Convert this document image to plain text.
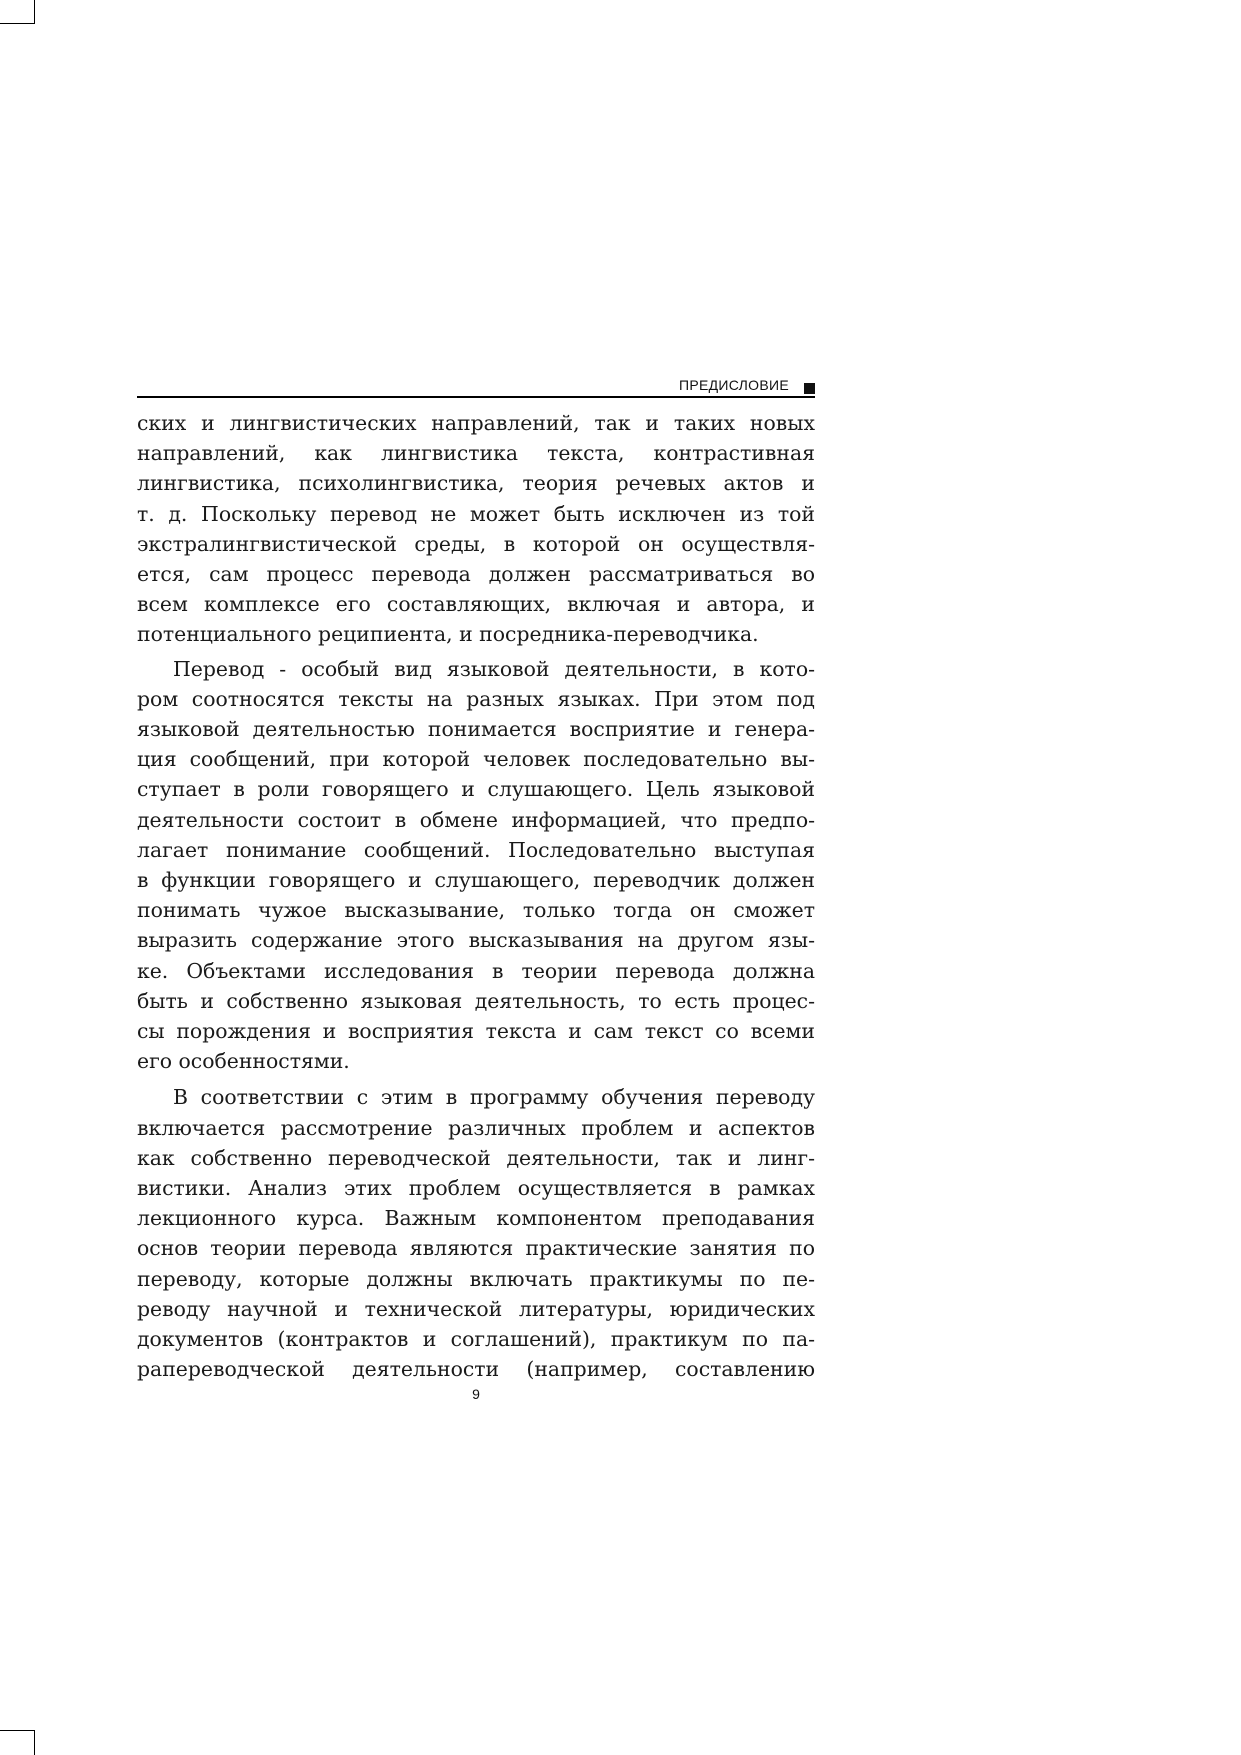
ПРЕДИСЛОВИЕ
ских и лингвистических направлений, так и таких новых
направлений, как лингвистика текста, контрастивная
лингвистика, психолингвистика, теория речевых актов и
т. д. Поскольку перевод не может быть исключен из той
экстралингвистической среды, в которой он осуществля-
ется, сам процесс перевода должен рассматриваться во
всем комплексе его составляющих, включая и автора, и
потенциального реципиента, и посредника-переводчика.
Перевод - особый вид языковой деятельности, в кото-
ром соотносятся тексты на разных языках. При этом под
языковой деятельностью понимается восприятие и генера-
ция сообщений, при которой человек последовательно вы-
ступает в роли говорящего и слушающего. Цель языковой
деятельности состоит в обмене информацией, что предпо-
лагает понимание сообщений. Последовательно выступая
в функции говорящего и слушающего, переводчик должен
понимать чужое высказывание, только тогда он сможет
выразить содержание этого высказывания на другом язы-
ке. Объектами исследования в теории перевода должна
быть и собственно языковая деятельность, то есть процес-
сы порождения и восприятия текста и сам текст со всеми
его особенностями.
В соответствии с этим в программу обучения переводу
включается рассмотрение различных проблем и аспектов
как собственно переводческой деятельности, так и линг-
вистики. Анализ этих проблем осуществляется в рамках
лекционного курса. Важным компонентом преподавания
основ теории перевода являются практические занятия по
переводу, которые должны включать практикумы по пе-
реводу научной и технической литературы, юридических
документов (контрактов и соглашений), практикум по па-
рапереводческой деятельности (например, составлению
9
